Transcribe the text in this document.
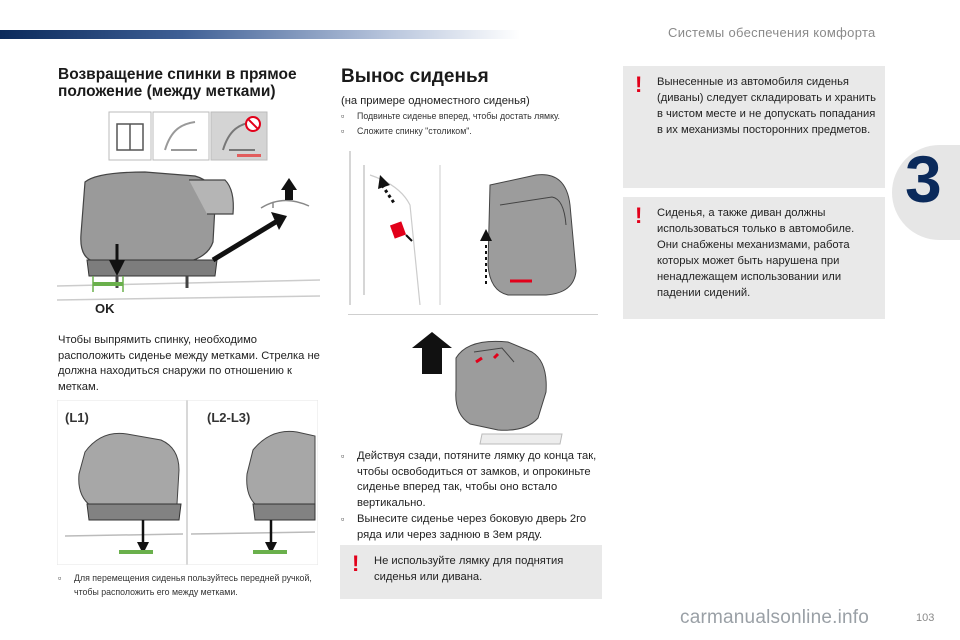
Системы обеспечения комфорта
3
Возвращение спинки в прямое положение (между метками)
OK
Чтобы выпрямить спинку, необходимо расположить сиденье между метками. Стрелка не должна находиться снаружи по отношению к меткам.
(L1)	(L2-L3)
▫	Для перемещения сиденья пользуйтесь передней ручкой, чтобы расположить его между метками.
Вынос сиденья
(на примере одноместного сиденья)
▫	Подвиньте сиденье вперед, чтобы достать лямку.
▫	Сложите спинку "столиком".
▫	Действуя сзади, потяните лямку до конца так, чтобы освободиться от замков, и опрокиньте сиденье вперед так, чтобы оно встало вертикально.
▫	Вынесите сиденье через боковую дверь 2го ряда или через заднюю в 3ем ряду.
! Не используйте лямку для поднятия сиденья или дивана.
! Вынесенные из автомобиля сиденья (диваны) следует складировать и хранить в чистом месте и не допускать попадания в их механизмы посторонних предметов.
! Сиденья, а также диван должны использоваться только в автомобиле. Они снабжены механизмами, работа которых может быть нарушена при ненадлежащем использовании или падении сидений.
carmanualsonline.info	103
